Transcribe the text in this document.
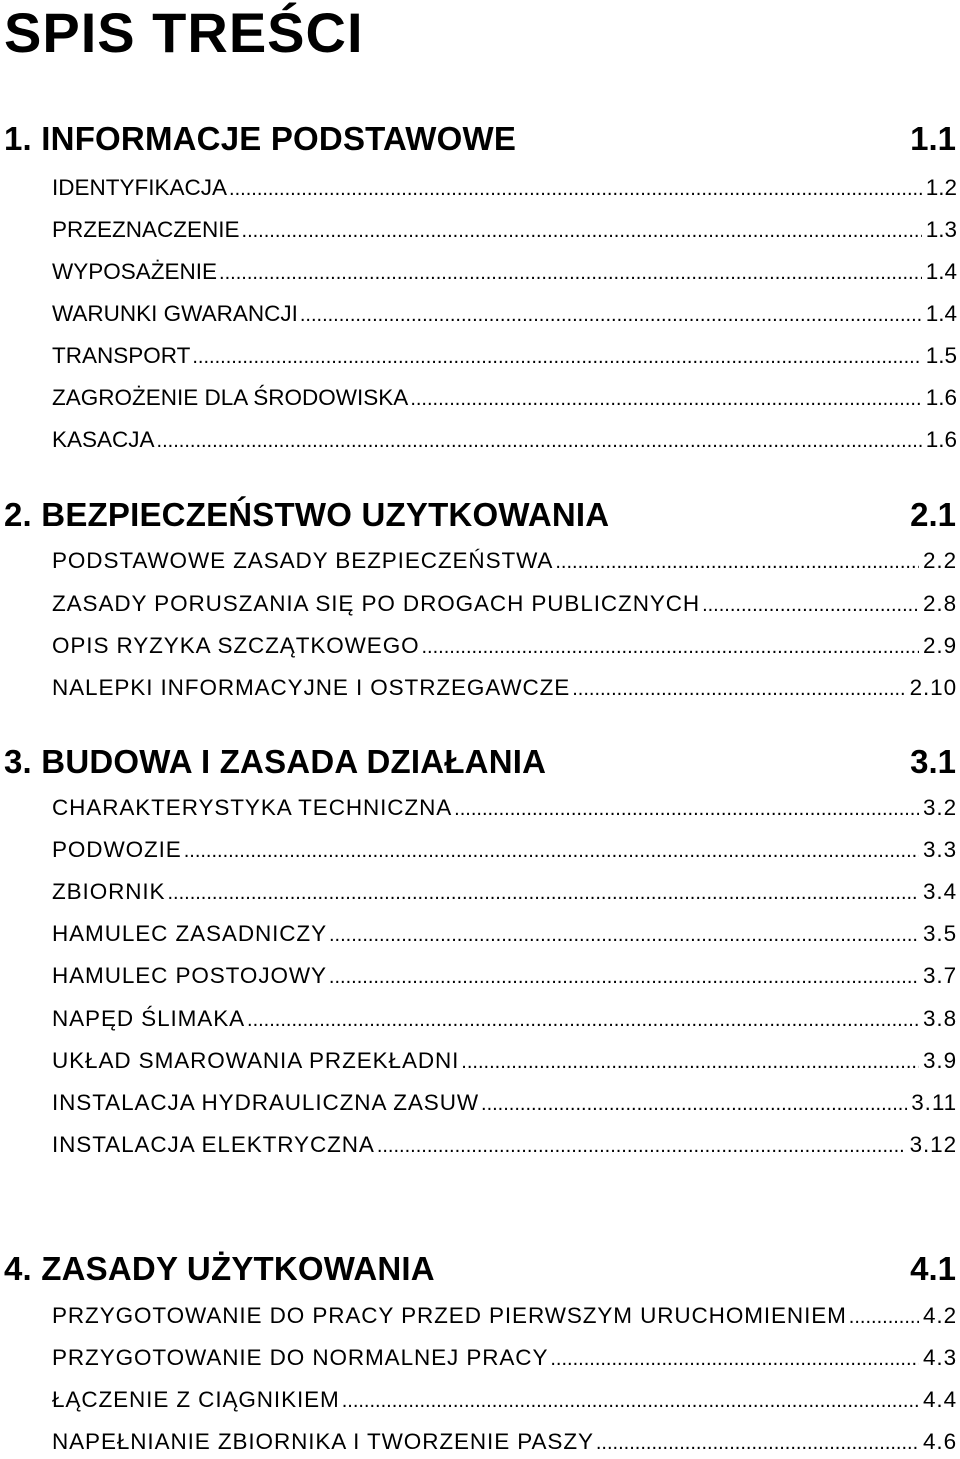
SPIS TREŚCI
1. INFORMACJE PODSTAWOWE	1.1
IDENTYFIKACJA .....	1.2
PRZEZNACZENIE .....	1.3
WYPOSAŻENIE .....	1.4
WARUNKI GWARANCJI .....	1.4
TRANSPORT .....	1.5
ZAGROŻENIE DLA ŚRODOWISKA .....	1.6
KASACJA .....	1.6
2. BEZPIECZEŃSTWO UZYTKOWANIA	2.1
PODSTAWOWE ZASADY BEZPIECZEŃSTWA .....	2.2
ZASADY PORUSZANIA SIĘ PO DROGACH PUBLICZNYCH .....	2.8
OPIS RYZYKA SZCZĄTKOWEGO .....	2.9
NALEPKI INFORMACYJNE I OSTRZEGAWCZE .....	2.10
3. BUDOWA I ZASADA DZIAŁANIA	3.1
CHARAKTERYSTYKA TECHNICZNA .....	3.2
PODWOZIE .....	3.3
ZBIORNIK .....	3.4
HAMULEC ZASADNICZY .....	3.5
HAMULEC POSTOJOWY .....	3.7
NAPĘD ŚLIMAKA .....	3.8
UKŁAD SMAROWANIA PRZEKŁADNI .....	3.9
INSTALACJA HYDRAULICZNA ZASUW .....	3.11
INSTALACJA ELEKTRYCZNA .....	3.12
4. ZASADY UŻYTKOWANIA	4.1
PRZYGOTOWANIE DO PRACY PRZED PIERWSZYM URUCHOMIENIEM .....	4.2
PRZYGOTOWANIE DO NORMALNEJ PRACY .....	4.3
ŁĄCZENIE Z CIĄGNIKIEM .....	4.4
NAPEŁNIANIE ZBIORNIKA I TWORZENIE PASZY .....	4.6
